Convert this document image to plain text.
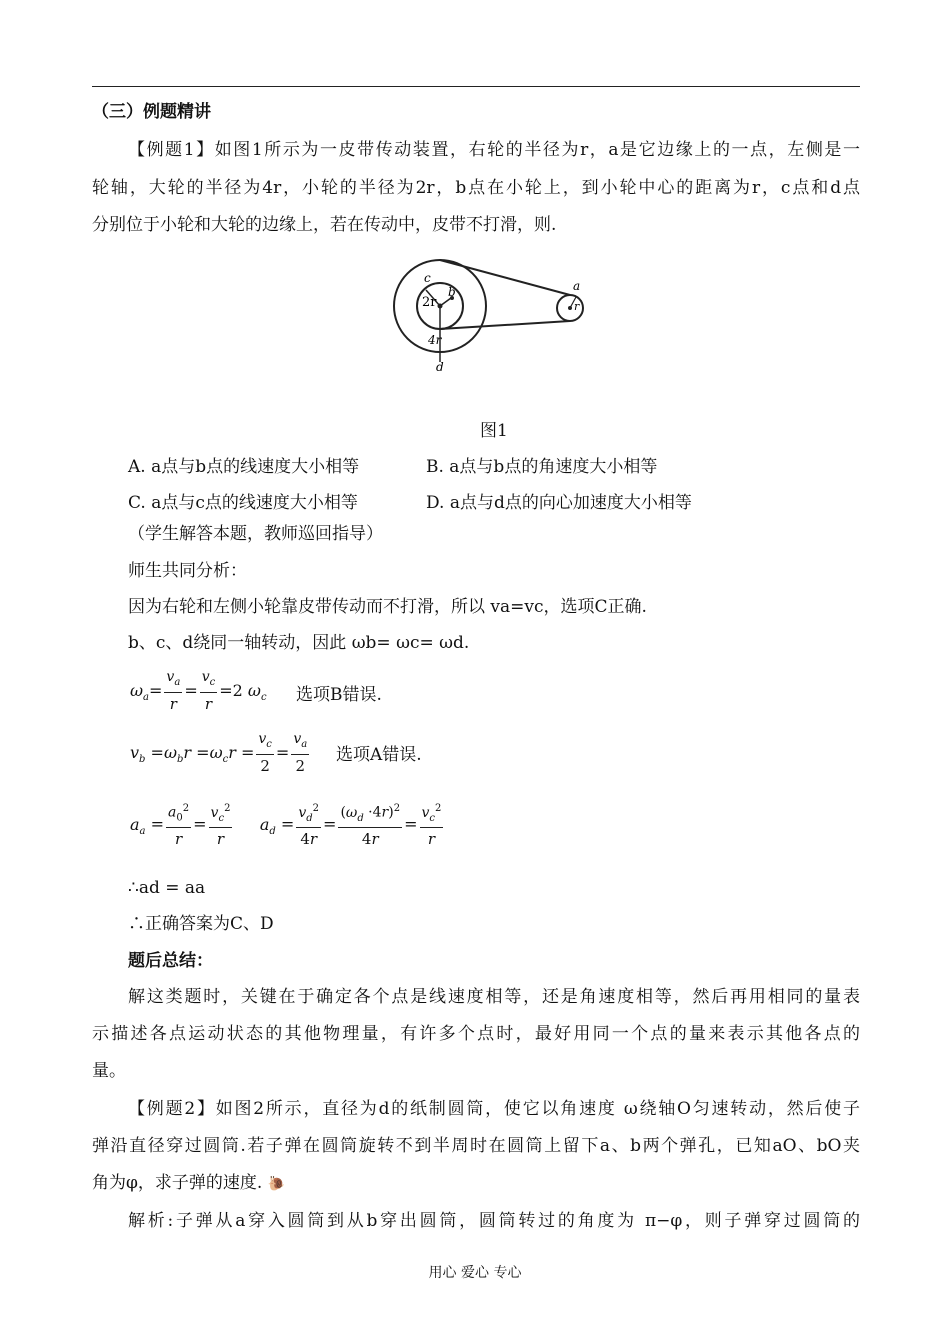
（三）例题精讲
【例题1】如图1所示为一皮带传动装置，右轮的半径为r，a是它边缘上的一点，左侧是一
轮轴，大轮的半径为4r，小轮的半径为2r，b点在小轮上，到小轮中心的距离为r，c点和d点
分别位于小轮和大轮的边缘上，若在传动中，皮带不打滑，则.
c
b
2r
4r
d
a
r
图1
A. a点与b点的线速度大小相等	B. a点与b点的角速度大小相等
C. a点与c点的线速度大小相等	D. a点与d点的向心加速度大小相等
（学生解答本题，教师巡回指导）
师生共同分析：
因为右轮和左侧小轮靠皮带传动而不打滑，所以 va=vc，选项C正确.
b、c、d绕同一轴转动，因此 ωb= ωc= ωd.
$\omega_a= \frac{v_a}{r} = \frac{v_c}{r} =2$ $\omega_c$ 选项B错误.
$v_b =\omega_br =\omega_cr = \frac{v_c}{2} = \frac{v_a}{2}$ 选项A错误.
$a_a = \frac{a_0^2}{r} = \frac{v_c^2}{r} a_d = \frac{v_d^2}{4r} = \frac{(\omega_d \cdot 4r)^2}{4r} = \frac{v_c^2}{r}$
∴ad = aa
∴正确答案为C、D
题后总结：
解这类题时，关键在于确定各个点是线速度相等，还是角速度相等，然后再用相同的量表
示描述各点运动状态的其他物理量，有许多个点时，最好用同一个点的量来表示其他各点的
量。
【例题2】如图2所示，直径为d的纸制圆筒，使它以角速度 ω绕轴O匀速转动，然后使子
弹沿直径穿过圆筒.若子弹在圆筒旋转不到半周时在圆筒上留下a、b两个弹孔，已知aO、bO夹
角为φ，求子弹的速度. 🐌
解析:子弹从a穿入圆筒到从b穿出圆筒，圆筒转过的角度为 π−φ，则子弹穿过圆筒的
用心 爱心 专心
